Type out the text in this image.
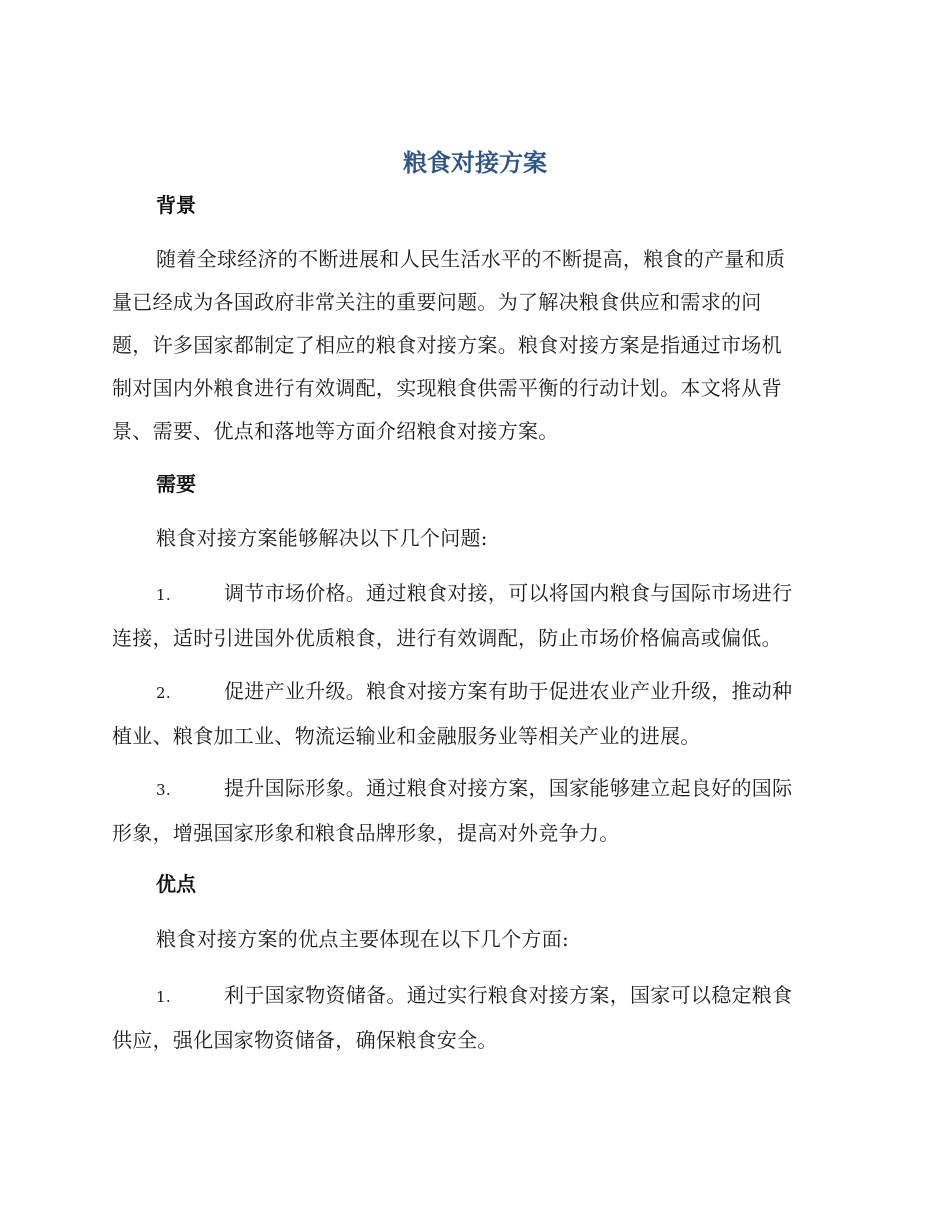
粮食对接方案
背景
随着全球经济的不断进展和人民生活水平的不断提高，粮食的产量和质
量已经成为各国政府非常关注的重要问题。为了解决粮食供应和需求的问
题，许多国家都制定了相应的粮食对接方案。粮食对接方案是指通过市场机
制对国内外粮食进行有效调配，实现粮食供需平衡的行动计划。本文将从背
景、需要、优点和落地等方面介绍粮食对接方案。
需要
粮食对接方案能够解决以下几个问题:
1.	调节市场价格。通过粮食对接，可以将国内粮食与国际市场进行
连接，适时引进国外优质粮食，进行有效调配，防止市场价格偏高或偏低。
2.	促进产业升级。粮食对接方案有助于促进农业产业升级，推动种
植业、粮食加工业、物流运输业和金融服务业等相关产业的进展。
3.	提升国际形象。通过粮食对接方案，国家能够建立起良好的国际
形象，增强国家形象和粮食品牌形象，提高对外竞争力。
优点
粮食对接方案的优点主要体现在以下几个方面:
1.	利于国家物资储备。通过实行粮食对接方案，国家可以稳定粮食
供应，强化国家物资储备，确保粮食安全。
